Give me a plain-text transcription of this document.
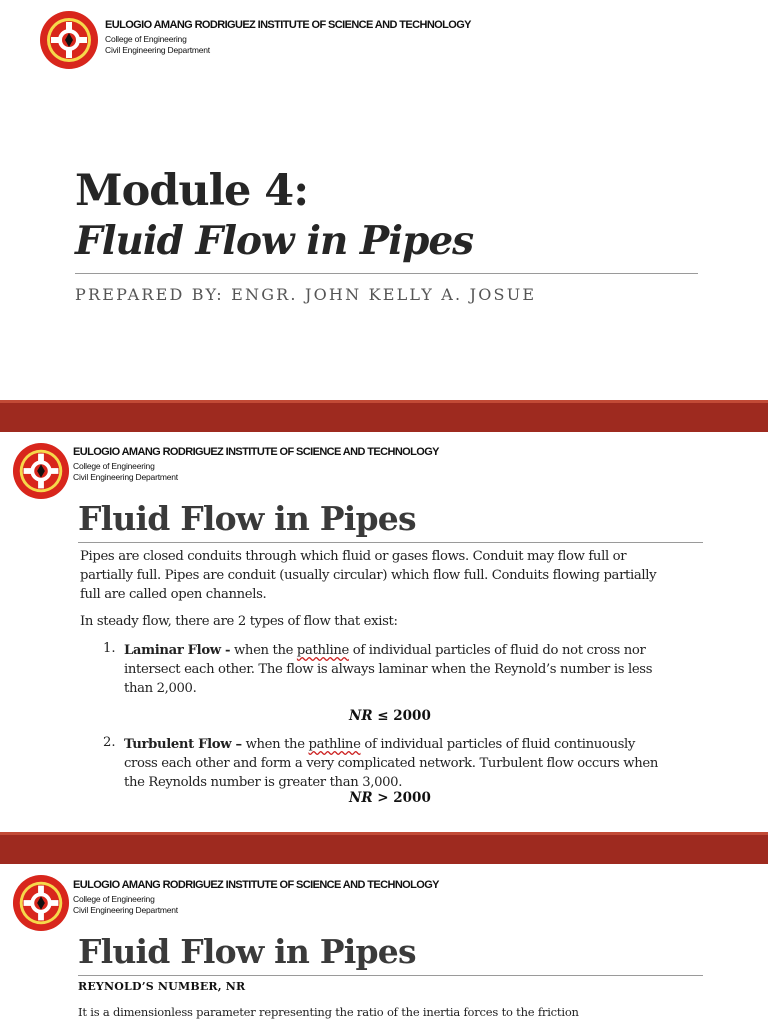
EULOGIO AMANG RODRIGUEZ INSTITUTE OF SCIENCE AND TECHNOLOGY
College of Engineering
Civil Engineering Department
Module 4:
Fluid Flow in Pipes
PREPARED BY: ENGR. JOHN KELLY A. JOSUE
EULOGIO AMANG RODRIGUEZ INSTITUTE OF SCIENCE AND TECHNOLOGY
College of Engineering
Civil Engineering Department
Fluid Flow in Pipes
Pipes are closed conduits through which fluid or gases flows. Conduit may flow full or partially full. Pipes are conduit (usually circular) which flow full. Conduits flowing partially full are called open channels.
In steady flow, there are 2 types of flow that exist:
1. Laminar Flow - when the pathline of individual particles of fluid do not cross nor intersect each other. The flow is always laminar when the Reynold’s number is less than 2,000.
NR ≤ 2000
2. Turbulent Flow – when the pathline of individual particles of fluid continuously cross each other and form a very complicated network. Turbulent flow occurs when the Reynolds number is greater than 3,000.
NR > 2000
EULOGIO AMANG RODRIGUEZ INSTITUTE OF SCIENCE AND TECHNOLOGY
College of Engineering
Civil Engineering Department
Fluid Flow in Pipes
REYNOLD’S NUMBER, NR
It is a dimensionless parameter representing the ratio of the inertia forces to the friction
